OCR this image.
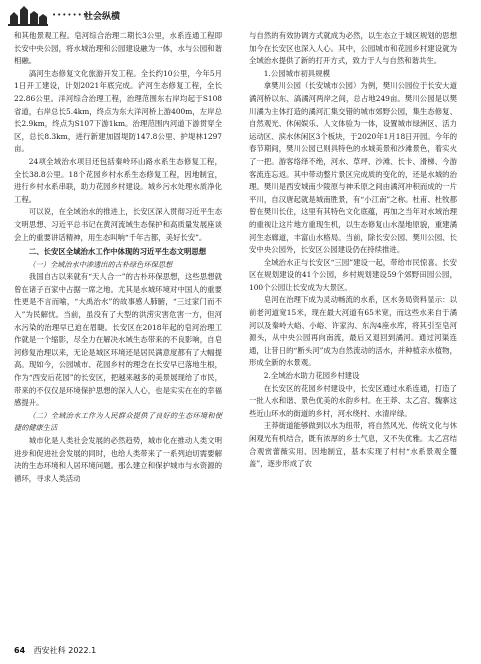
••••••••
社会纵横

和其他景观工程。皂河综合治理二期长3公里，水系连通工程即长安中央公园，将水城治理和公园建设融为一体，水与公园和谐相融。

滈河生态修复文化旅游开发工程。全长约10公里，今年5月1日开工建设，计划2021年底完成。浐河生态修复工程，全长22.86公里。洋河综合治理工程，治理范围东右岸均起于S108省道，右岸总长5.4km，终点为东大洋河桥上游400m，左岸总长2.9km，终点为S107下游1km。治理范围内河道下游贯穿全区，总长8.3km，进行新建加固堤防147.8公里、护堤林1297亩。

24项全域治水项目还包括秦岭环山路水系生态修复工程，全长38.8公里。18个花园乡村水系生态修复工程，因地制宜，进行乡村水系串联，助力花园乡村建设。城乡污水处理水质净化工程。

可以说，在全域治水的推进上，长安区深入贯彻习近平生态文明思想、习近平总书记在黄河流域生态保护和高质量发展座谈会上的重要讲话精神，用生态叫响“千年古都，美好长安”。

二、长安区全域治水工作中体现的习近平生态文明思想

（一）全域治水中渗透出的古朴绿色环保思想

我国自古以来就有“天人合一”的古朴环保思想，这些思想就曾在诸子百家中占据一席之地。尤其是水城环境对中国人的重要性更是不言而喻，“大禹治水”的故事感人肺腑，“三过家门而不入”为民解忧。当前，虽没有了大型的洪涝灾害危害一方，但河水污染的治理早已迫在眉睫。长安区在2018年起的皂河治理工作就是一个缩影，尽全力在解决水域生态带来的不良影响，自皂河修复治理以来，无论是城区环境还是居民满意度都有了大幅提高。现如今，公园城市、花园乡村的理念在长安早已落地生根，作为“西安后花园”的长安区，把越来越多的美景展现给了市民，带来的不仅仅是环境保护思想的深入人心，也是实实在在的幸福感提升。

（二）全域治水工作为人民群众提供了良好的生态环境和便捷的健康生活

城市化是人类社会发展的必然趋势，城市化在推动人类文明进步和促进社会发展的同时，也给人类带来了一系列迫切需要解决的生态环境和人居环境问题。那么建立和保护城市与水资源的循环，寻求人类活动

与自然的有效协调方式就成为必然，以生态立于城区规划的思想加今在长安区也深入人心。其中，公园城市和花园乡村建设就为全域治水提供了新的打开方式，致力于人与自然和谐共生。

1.公园城市初具规模

拿樊川公园（长安城市公园）为例，樊川公园位于长安大道潏河桥以东、滈潏河两岸之间，总占地249亩。樊川公园是以樊川潏为主体打造的潏河汇集交错的城市郊野公园，集生态修复、自然观光、休闲娱乐、人文体验为一体，设置城市绿洲区、活力运动区、滨水休闲区3个板块，于2020年1月18日开园。今年的春节期间，樊川公园已则具特色的水城美景和沙滩景色，着实火了一把。游客络绎不绝，河水、草坪、沙滩、长卡、滑梯、今游客流连忘返。其中带动整片景区完成质的变化的，还是水城的治理。樊川是西安城南少陵原与神禾原之间由潏河冲积而成的一片平川，自汉唐起就是城南胜景，有“小江南”之称。杜甫、杜牧都曾在樊川长住，这里有其特色文化底蕴，再加之当年对水域治理的重视让这片地方重现生机，以生态修复山水湿地原貌，重建潏河生态廊道，丰富山水格局。当前，除长安公园、樊川公园、长安中央公园外，长安区公园建设仍在持续推进。

全域治水正与长安区“三园”建设一起，带给市民惊喜。长安区在规划建设的41个公园，乡村规划建设59个郊野田园公园，100个公园让长安成为大景区。

皂河在治理下成为灵动畅流的水系，区水务局资料显示：以前老河道宽15米，现在最大河道有65米宽，而这些水来自于潏河以及秦岭大峪、小峪、许家沟、东沟4座水库，将其引至皂河源头，从中央公园再向南流，最后又退回到潏河。通过河渠连通，让昔日的“断头河”成为自然流动的活水，并种植亲水植物，形成全新的水景观。

2.全域治水助力花园乡村建设

在长安区的花园乡村建设中，长安区通过水系连通，打造了一批人水和谐、景色优美的水韵乡村。在王莽、太乙宫、魏寨这些近山环水的街道的乡村，河水绕村、水清岸绿。

王莽街道能够做到以水为纽带，将自然风光、传统文化与休闲观光有机结合，既有浓厚的乡土气息，又不失优雅。太乙宫结合观赏蕾薇实用、因地制宜，基本实现了村村“水系景观全覆盖”，逐步形成了农

64 西安社科 2022.1
